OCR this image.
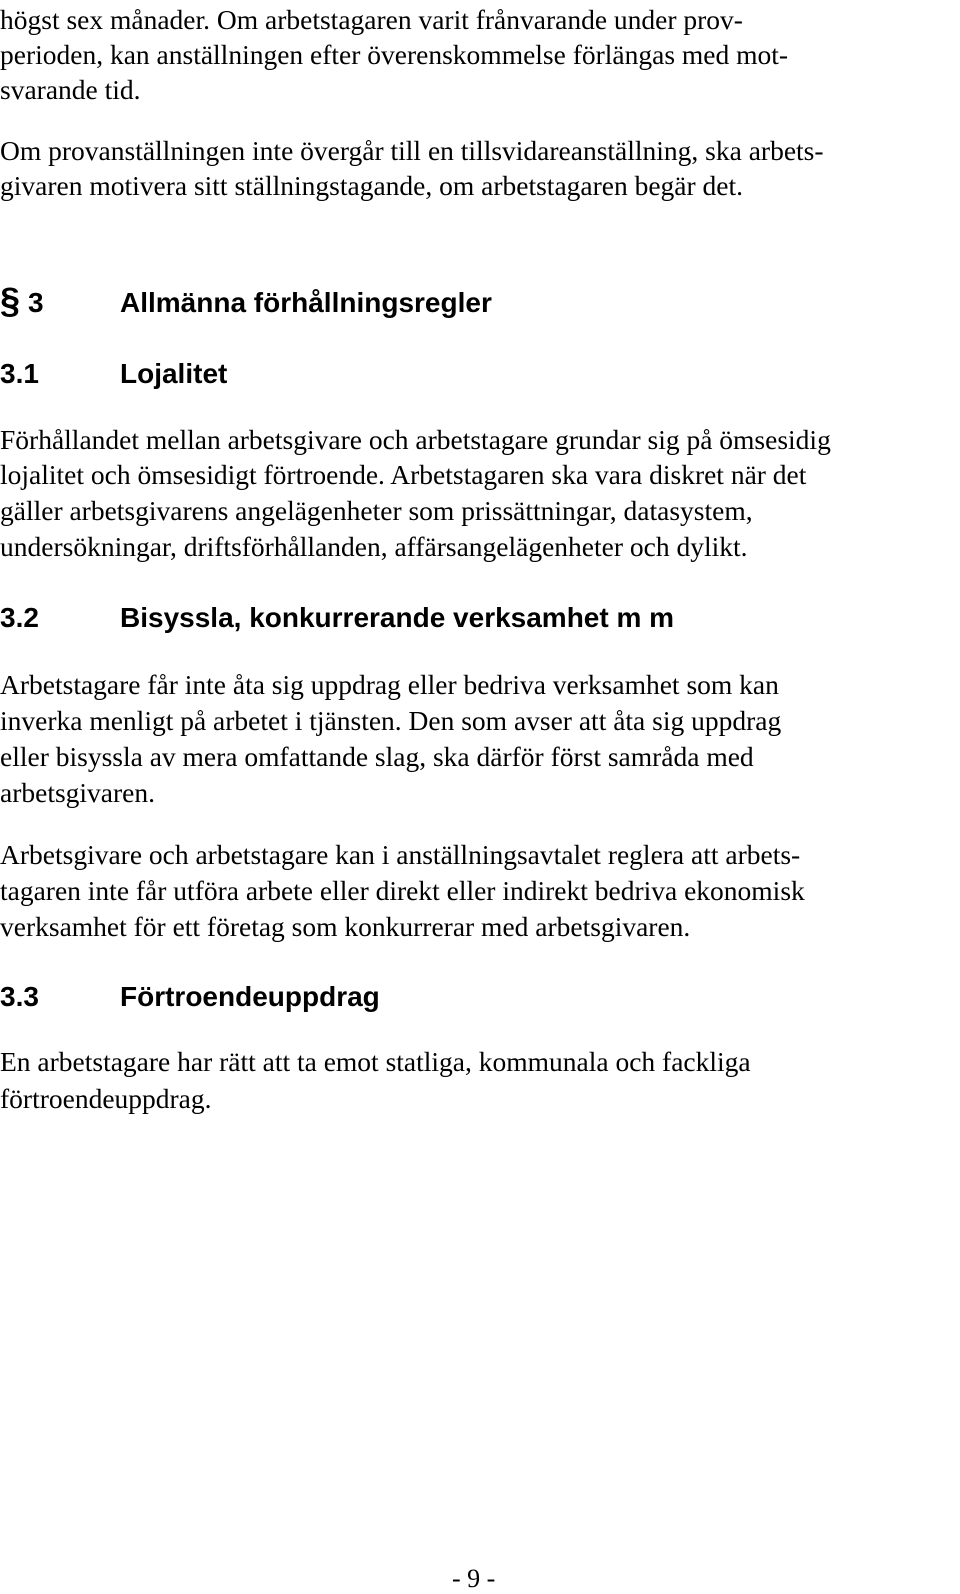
högst sex månader. Om arbetstagaren varit frånvarande under prov-
perioden, kan anställningen efter överenskommelse förlängas med mot-
svarande tid.
Om provanställningen inte övergår till en tillsvidareanställning, ska arbets-
givaren motivera sitt ställningstagande, om arbetstagaren begär det.
§ 3	Allmänna förhållningsregler
3.1	Lojalitet
Förhållandet mellan arbetsgivare och arbetstagare grundar sig på ömsesidig
lojalitet och ömsesidigt förtroende. Arbetstagaren ska vara diskret när det
gäller arbetsgivarens angelägenheter som prissättningar, datasystem,
undersökningar, driftsförhållanden, affärsangelägenheter och dylikt.
3.2	Bisyssla, konkurrerande verksamhet m m
Arbetstagare får inte åta sig uppdrag eller bedriva verksamhet som kan
inverka menligt på arbetet i tjänsten. Den som avser att åta sig uppdrag
eller bisyssla av mera omfattande slag, ska därför först samråda med
arbetsgivaren.
Arbetsgivare och arbetstagare kan i anställningsavtalet reglera att arbets-
tagaren inte får utföra arbete eller direkt eller indirekt bedriva ekonomisk
verksamhet för ett företag som konkurrerar med arbetsgivaren.
3.3	Förtroendeuppdrag
En arbetstagare har rätt att ta emot statliga, kommunala och fackliga
förtroendeuppdrag.
- 9 -
